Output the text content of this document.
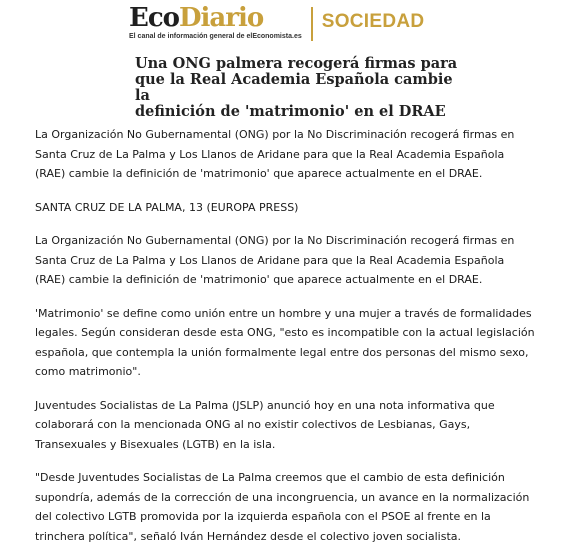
EcoDiario
El canal de información general de elEconomista.es
SOCIEDAD
Una ONG palmera recogerá firmas para
que la Real Academia Española cambie la
definición de 'matrimonio' en el DRAE

La Organización No Gubernamental (ONG) por la No Discriminación recogerá firmas en
Santa Cruz de La Palma y Los Llanos de Aridane para que la Real Academia Española
(RAE) cambie la definición de 'matrimonio' que aparece actualmente en el DRAE.

SANTA CRUZ DE LA PALMA, 13 (EUROPA PRESS)

La Organización No Gubernamental (ONG) por la No Discriminación recogerá firmas en
Santa Cruz de La Palma y Los Llanos de Aridane para que la Real Academia Española
(RAE) cambie la definición de 'matrimonio' que aparece actualmente en el DRAE.

'Matrimonio' se define como unión entre un hombre y una mujer a través de formalidades
legales. Según consideran desde esta ONG, "esto es incompatible con la actual legislación
española, que contempla la unión formalmente legal entre dos personas del mismo sexo,
como matrimonio".

Juventudes Socialistas de La Palma (JSLP) anunció hoy en una nota informativa que
colaborará con la mencionada ONG al no existir colectivos de Lesbianas, Gays,
Transexuales y Bisexuales (LGTB) en la isla.

"Desde Juventudes Socialistas de La Palma creemos que el cambio de esta definición
supondría, además de la corrección de una incongruencia, un avance en la normalización
del colectivo LGTB promovida por la izquierda española con el PSOE al frente en la
trinchera política", señaló Iván Hernández desde el colectivo joven socialista.
